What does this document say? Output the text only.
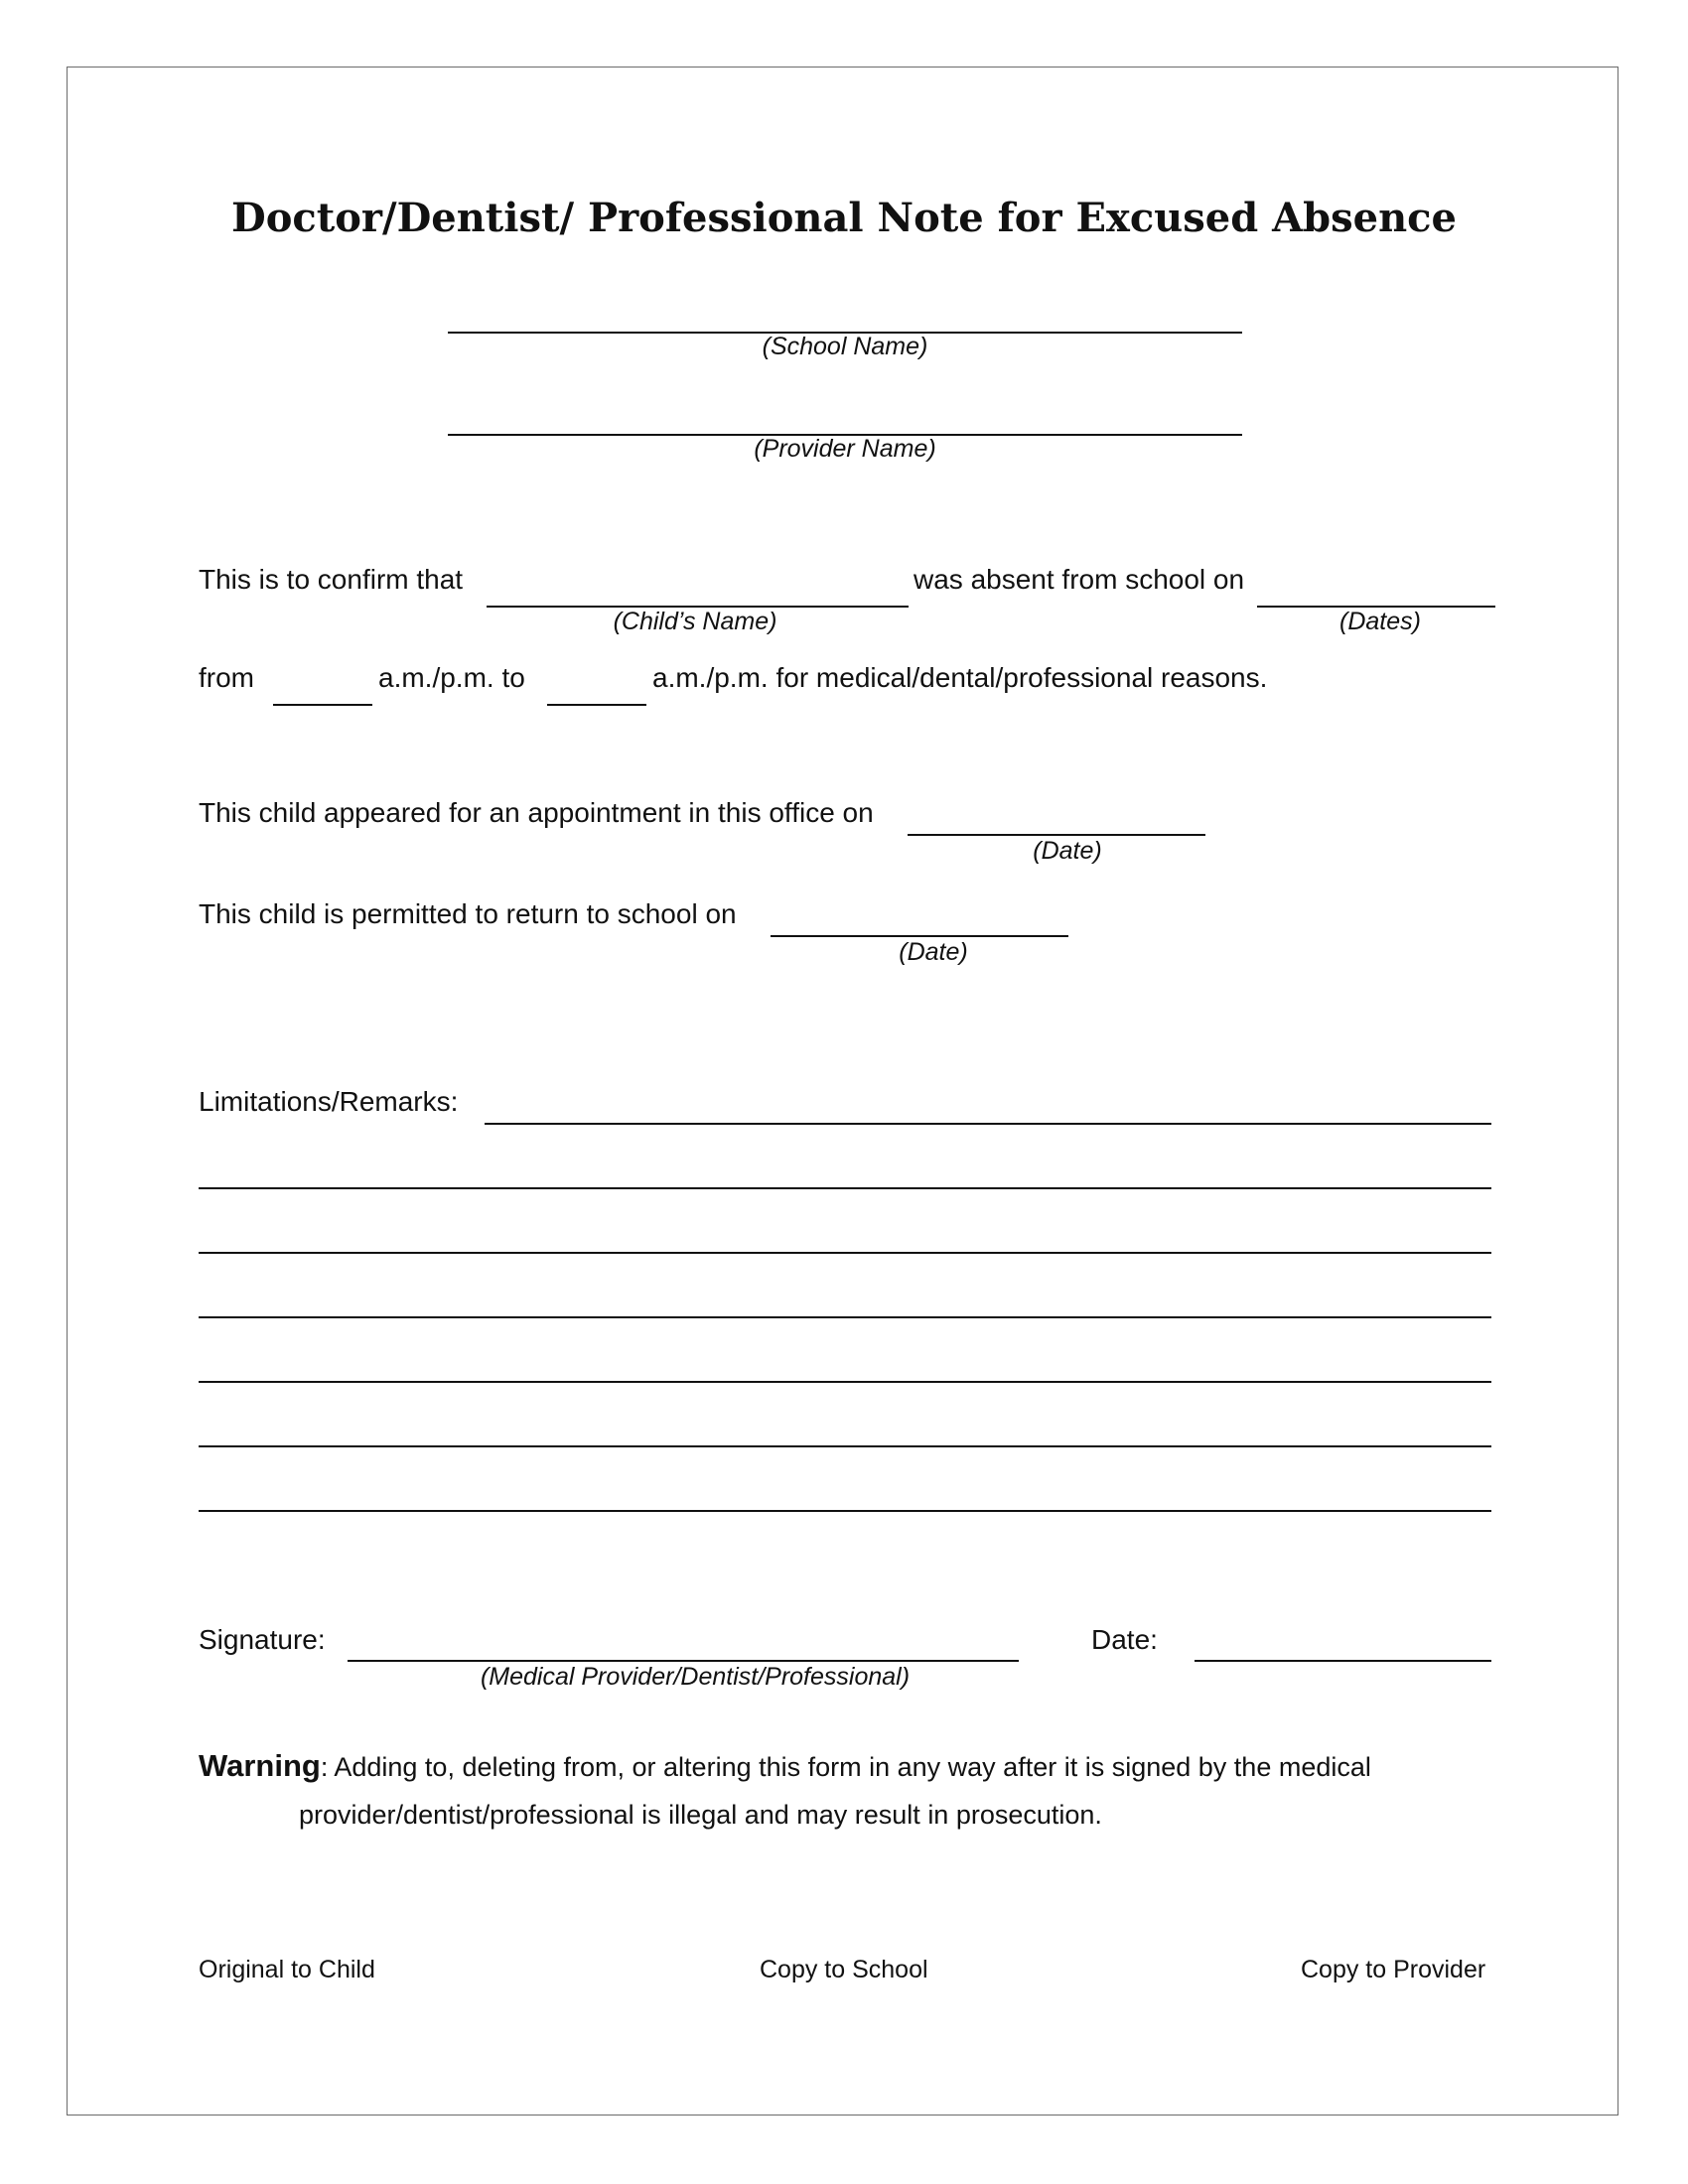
Doctor/Dentist/ Professional Note for Excused Absence
(School Name)
(Provider Name)
This is to confirm that
(Child’s Name)
was absent from school on
(Dates)
from	a.m./p.m. to	a.m./p.m. for medical/dental/professional reasons.
This child appeared for an appointment in this office on
(Date)
This child is permitted to return to school on
(Date)
Limitations/Remarks:
Signature:
(Medical Provider/Dentist/Professional)
Date:
Warning: Adding to, deleting from, or altering this form in any way after it is signed by the medical
provider/dentist/professional is illegal and may result in prosecution.
Original to Child	Copy to School	Copy to Provider
